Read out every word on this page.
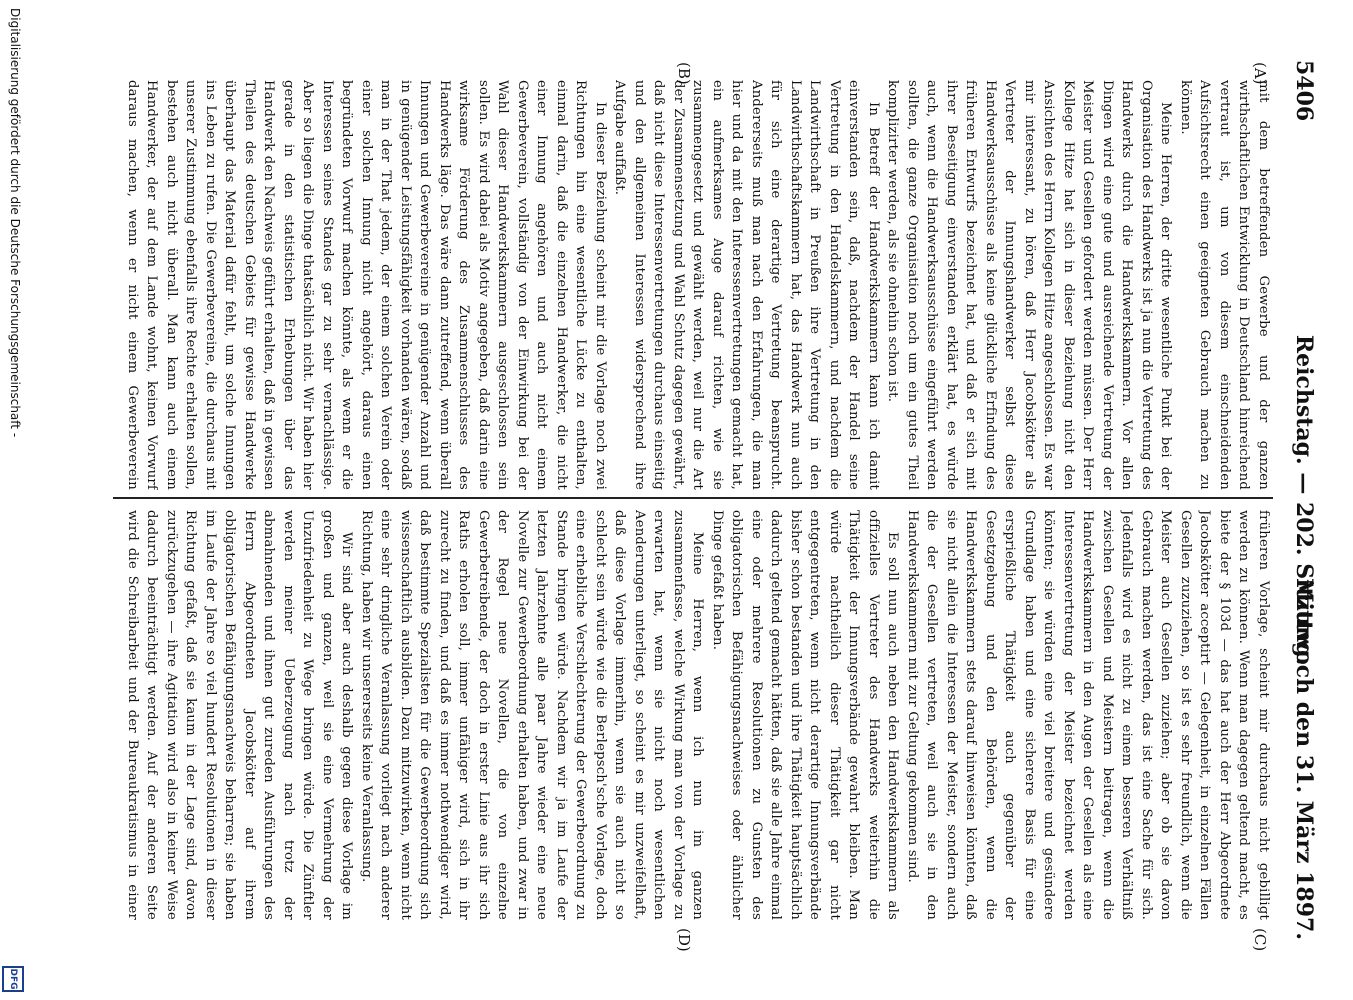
5406
Reichstag. — 202. Sitzung.
Mittwoch den 31. März 1897.
(A)
(B)
(C)
(D)

mit dem betreffenden Gewerbe und der ganzen wirthschaftlichen Entwicklung in Deutschland hinreichend vertraut ist, um von diesem einschneidenden Aufsichtsrecht einen geeigneten Gebrauch machen zu können.

Meine Herren, der dritte wesentliche Punkt bei der Organisation des Handwerks ist ja nun die Vertretung des Handwerks durch die Handwerkskammern. Vor allen Dingen wird eine gute und ausreichende Vertretung der Meister und Gesellen gefordert werden müssen. Der Herr Kollege Hitze hat sich in dieser Beziehung nicht den Ansichten des Herrn Kollegen Hitze angeschlossen. Es war mir interessant, zu hören, daß Herr Jacobskötter als Vertreter der Innungshandwerker selbst diese Handwerksausschüsse als keine glückliche Erfindung des früheren Entwurfs bezeichnet hat, und daß er sich mit ihrer Beseitigung einverstanden erklärt hat, es würde auch, wenn die Handwerksausschüsse eingeführt werden sollten, die ganze Organisation noch um ein gutes Theil komplizirter werden, als sie ohnehin schon ist.

In Betreff der Handwerkskammern kann ich damit einverstanden sein, daß, nachdem der Handel seine Vertretung in den Handelskammern, und nachdem die Landwirthschaft in Preußen ihre Vertretung in den Landwirthschaftskammern hat, das Handwerk nun auch für sich eine derartige Vertretung beansprucht. Andererseits muß man nach den Erfahrungen, die man hier und da mit den Interessenvertretungen gemacht hat, ein aufmerksames Auge darauf richten, wie sie zusammengesetzt und gewählt werden, weil nur die Art der Zusammensetzung und Wahl Schutz dagegen gewährt, daß nicht diese Interessenvertretungen durchaus einseitig und den allgemeinen Interessen widersprechend ihre Aufgabe auffaßt.

In dieser Beziehung scheint mir die Vorlage noch zwei Richtungen hin eine wesentliche Lücke zu enthalten, einmal darin, daß die einzelnen Handwerker, die nicht einer Innung angehören und auch nicht einem Gewerbeverein, vollständig von der Einwirkung bei der Wahl dieser Handwerkskammern ausgeschlossen sein sollen. Es wird dabei als Motiv angegeben, daß darin eine wirksame Förderung des Zusammenschlusses des Handwerks läge. Das wäre dann zutreffend, wenn überall Innungen und Gewerbevereine in genügender Anzahl und in genügender Leistungsfähigkeit vorhanden wären, sodaß man in der That jedem, der einem solchen Verein oder einer solchen Innung nicht angehört, daraus einen begründeten Vorwurf machen könnte, als wenn er die Interessen seines Standes gar zu sehr vernachlässige. Aber so liegen die Dinge thatsächlich nicht. Wir haben hier gerade in den statistischen Erhebungen über das Handwerk den Nachweis geführt erhalten, daß in gewissen Theilen des deutschen Gebiets für gewisse Handwerke überhaupt das Material dafür fehlt, um solche Innungen ins Leben zu rufen. Die Gewerbevereine, die durchaus mit unserer Zustimmung ebenfalls ihre Rechte erhalten sollen, bestehen auch nicht überall. Man kann auch einem Handwerker, der auf dem Lande wohnt, keinen Vorwurf daraus machen, wenn er nicht einem Gewerbeverein

früheren Vorlage, scheint mir durchaus nicht gebilligt werden zu können. Wenn man dagegen geltend macht, es biete der § 103d — das hat auch der Herr Abgeordnete Jacobskötter acceptirt — Gelegenheit, in einzelnen Fällen Gesellen zuzuziehen, so ist es sehr freundlich, wenn die Meister auch Gesellen zuziehen; aber ob sie davon Gebrauch machen werden, das ist eine Sache für sich. Jedenfalls wird es nicht zu einem besseren Verhältniß zwischen Gesellen und Meistern beitragen, wenn die Handwerkskammern in den Augen der Gesellen als eine Interessenvertretung der Meister bezeichnet werden könnten; sie würden eine viel breitere und gesündere Grundlage haben und eine sicherere Basis für eine ersprießliche Thätigkeit auch gegenüber der Gesetzgebung und den Behörden, wenn die Handwerkskammern stets darauf hinweisen könnten, daß sie nicht allein die Interessen der Meister, sondern auch die der Gesellen vertreten, weil auch sie in den Handwerkskammern mit zur Geltung gekommen sind.

Es soll nun auch neben den Handwerkskammern als offizielles Vertreter des Handwerks weiterhin die Thätigkeit der Innungsverbände gewahrt bleiben. Man würde nachtheilich dieser Thätigkeit gar nicht entgegentreten, wenn nicht derartige Innungsverbände bisher schon bestanden und ihre Thätigkeit hauptsächlich dadurch geltend gemacht hätten, daß sie alle Jahre einmal eine oder mehrere Resolutionen zu Gunsten des obligatorischen Befähigungsnachweises oder ähnlicher Dinge gefaßt haben.

Meine Herren, wenn ich nun im ganzen zusammenfasse, welche Wirkung man von der Vorlage zu erwarten hat, wenn sie nicht noch wesentlichen Aenderungen unterliegt, so scheint es mir unzweifelhaft, daß diese Vorlage immerhin, wenn sie auch nicht so schlecht sein würde wie die Berlepsch'sche Vorlage, doch eine erhebliche Verschlechterung der Gewerbeordnung zu Stande bringen würde. Nachdem wir ja im Laufe der letzten Jahrzehnte alle paar Jahre wieder eine neue Novelle zur Gewerbeordnung erhalten haben, und zwar in der Regel neue Novellen, die von einzelne Gewerbetreibende, der doch in erster Linie aus ihr sich Raths erholen soll, immer unfähiger wird, sich in ihr zurecht zu finden, und daß es immer nothwendiger wird, daß bestimmte Spezialisten für die Gewerbeordnung sich wissenschaftlich ausbilden. Dazu mitzuwirken, wenn nicht eine sehr dringliche Veranlassung vorliegt nach anderer Richtung, haben wir unsererseits keine Veranlassung.

Wir sind aber auch deshalb gegen diese Vorlage im großen und ganzen, weil sie eine Vermehrung der Unzufriedenheit zu Wege bringen würde. Die Zünftler werden meiner Ueberzeugung nach trotz der abmahnenden und ihnen gut zureden Ausführungen des Herrn Abgeordneten Jacobskötter auf ihrem obligatorischen Befähigungsnachweis beharren; sie haben im Laufe der Jahre so viel hundert Resolutionen in dieser Richtung gefaßt, daß sie kaum in der Lage sind, davon zurückzugehen — ihre Agitation wird also in keiner Weise dadurch beeinträchtigt werden. Auf der anderen Seite wird die Schreibarbeit und der Bureaukratismus in einer

Digitalisierung gefördert durch die Deutsche Forschungsgemeinschaft -
DFG
